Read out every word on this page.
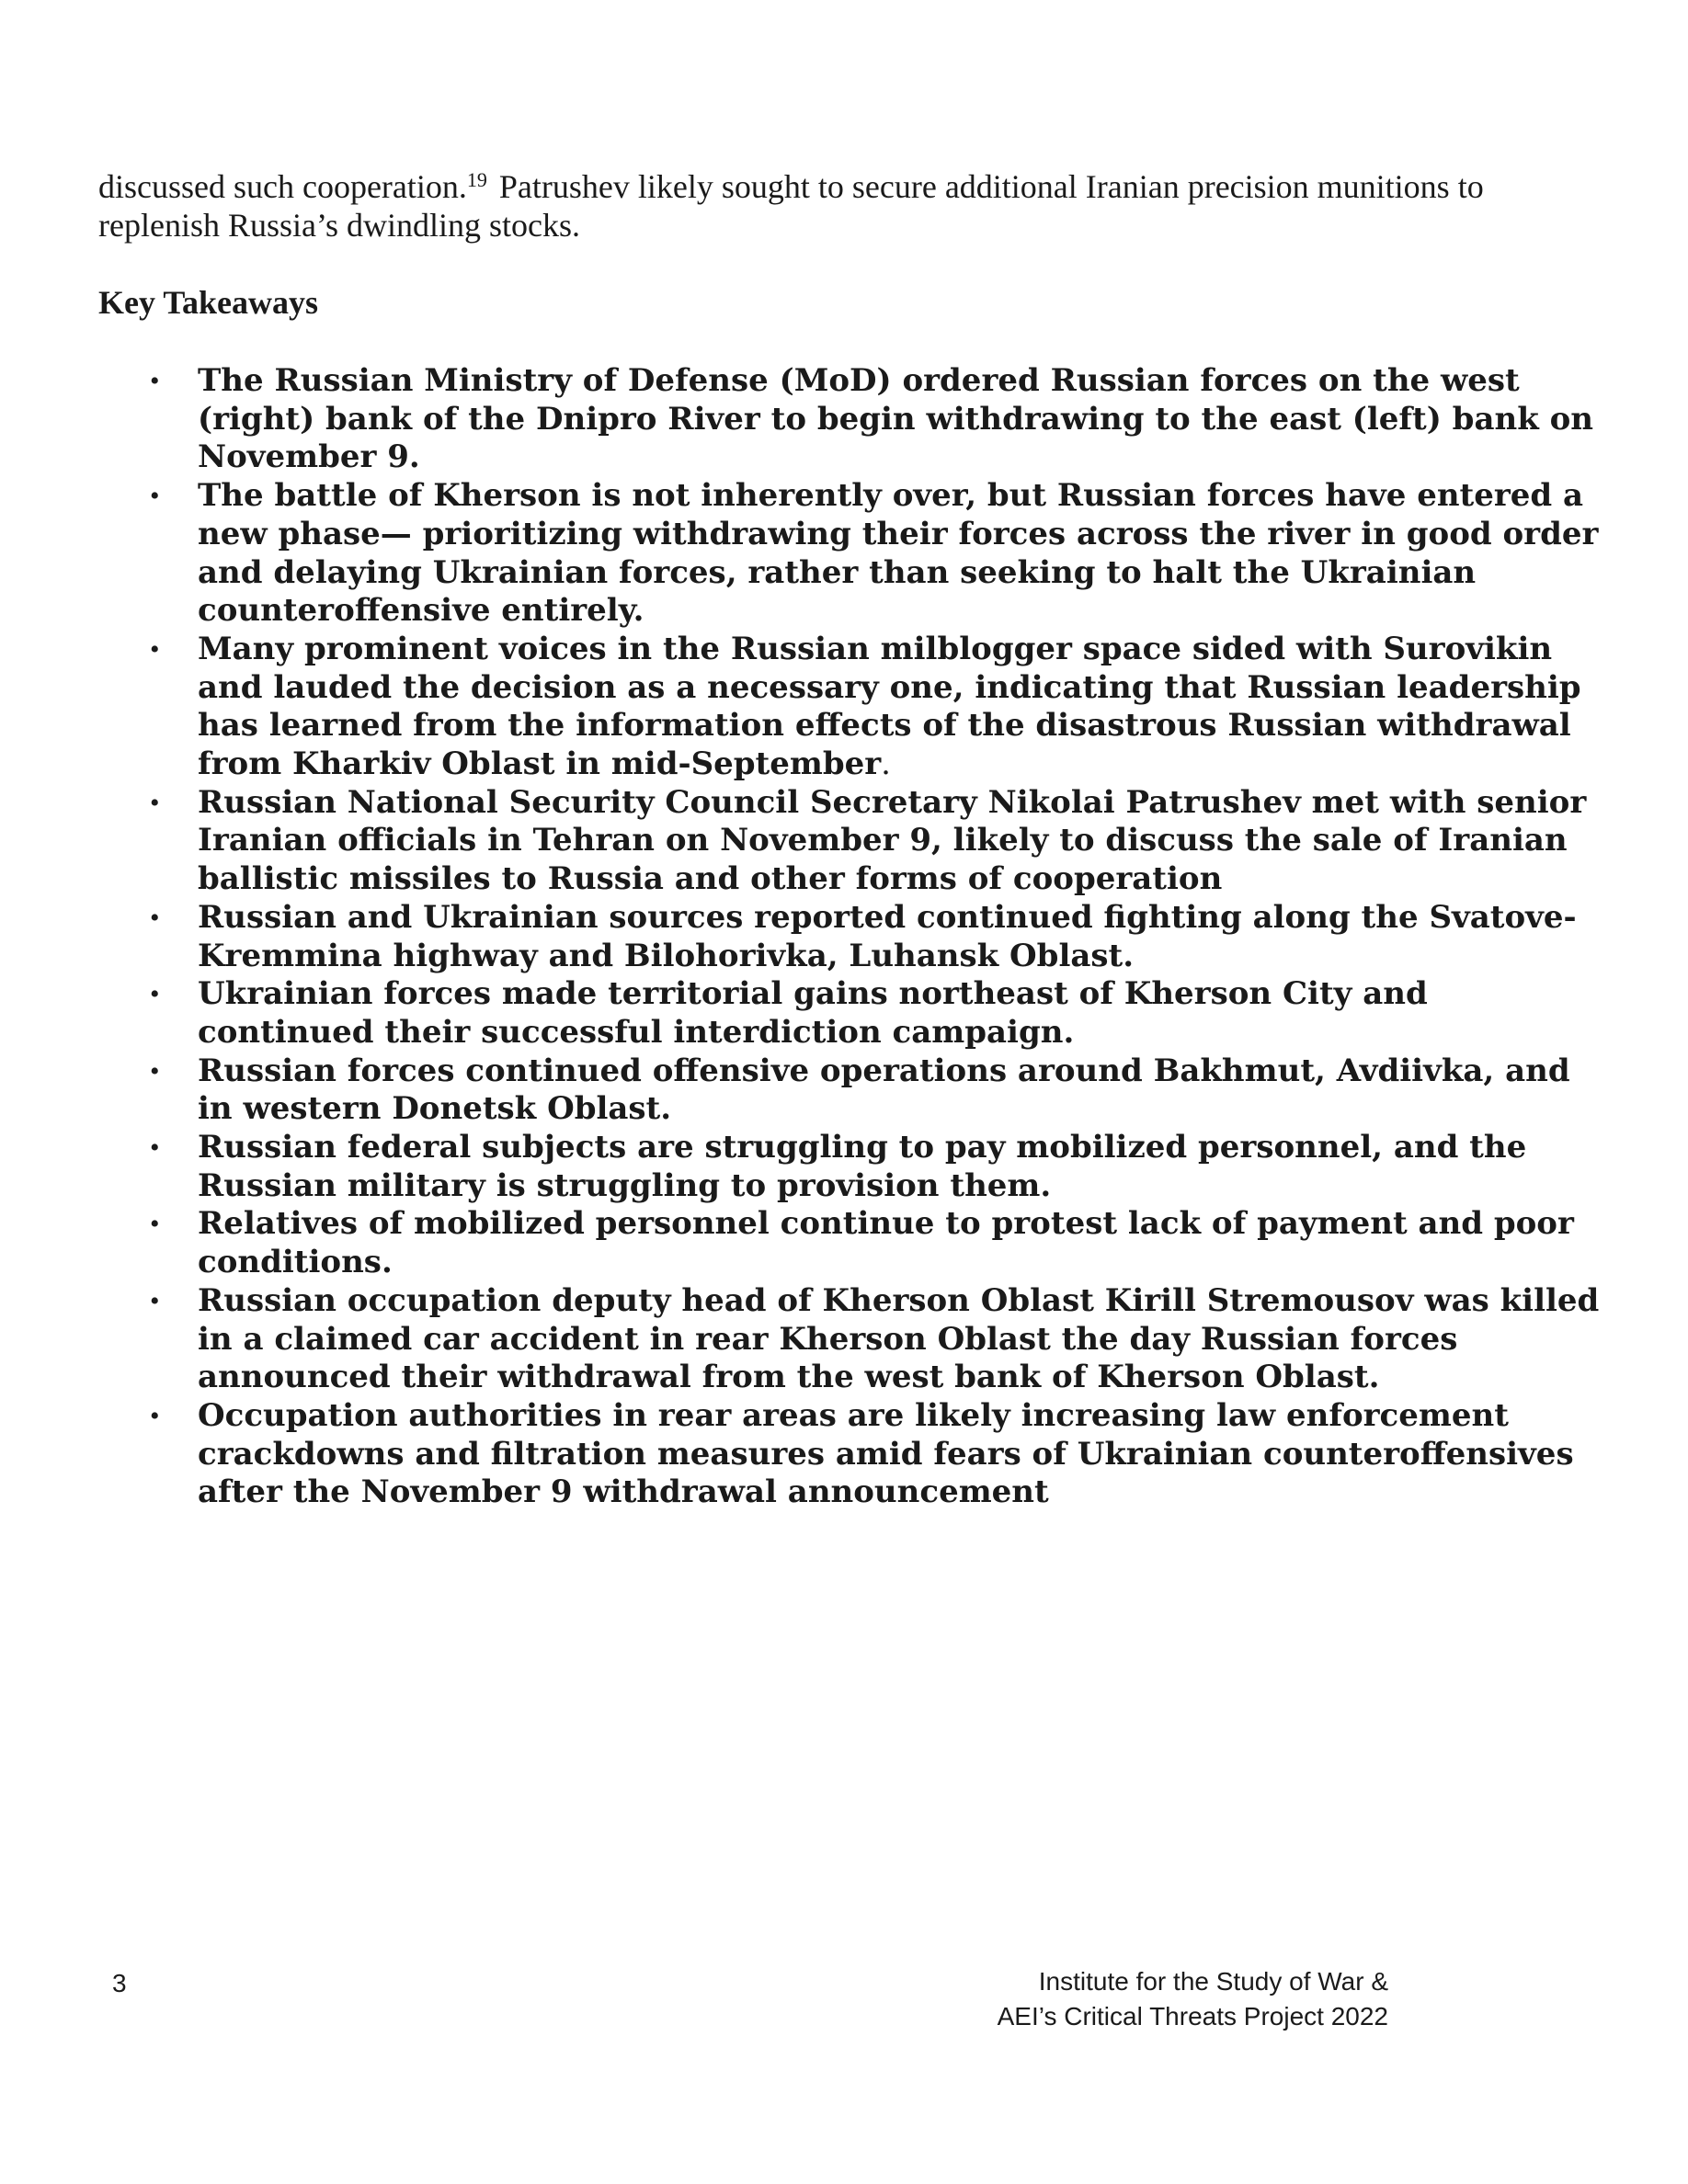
discussed such cooperation.$^{19}$ Patrushev likely sought to secure additional Iranian precision munitions to replenish Russia’s dwindling stocks.

Key Takeaways
• The Russian Ministry of Defense (MoD) ordered Russian forces on the west (right) bank of the Dnipro River to begin withdrawing to the east (left) bank on November 9.
• The battle of Kherson is not inherently over, but Russian forces have entered a new phase— prioritizing withdrawing their forces across the river in good order and delaying Ukrainian forces, rather than seeking to halt the Ukrainian counteroffensive entirely.
• Many prominent voices in the Russian milblogger space sided with Surovikin and lauded the decision as a necessary one, indicating that Russian leadership has learned from the information effects of the disastrous Russian withdrawal from Kharkiv Oblast in mid-September.
• Russian National Security Council Secretary Nikolai Patrushev met with senior Iranian officials in Tehran on November 9, likely to discuss the sale of Iranian ballistic missiles to Russia and other forms of cooperation
• Russian and Ukrainian sources reported continued fighting along the Svatove-Kremmina highway and Bilohorivka, Luhansk Oblast.
• Ukrainian forces made territorial gains northeast of Kherson City and continued their successful interdiction campaign.
• Russian forces continued offensive operations around Bakhmut, Avdiivka, and in western Donetsk Oblast.
• Russian federal subjects are struggling to pay mobilized personnel, and the Russian military is struggling to provision them.
• Relatives of mobilized personnel continue to protest lack of payment and poor conditions.
• Russian occupation deputy head of Kherson Oblast Kirill Stremousov was killed in a claimed car accident in rear Kherson Oblast the day Russian forces announced their withdrawal from the west bank of Kherson Oblast.
• Occupation authorities in rear areas are likely increasing law enforcement crackdowns and filtration measures amid fears of Ukrainian counteroffensives after the November 9 withdrawal announcement
3	Institute for the Study of War &
AEI’s Critical Threats Project 2022
